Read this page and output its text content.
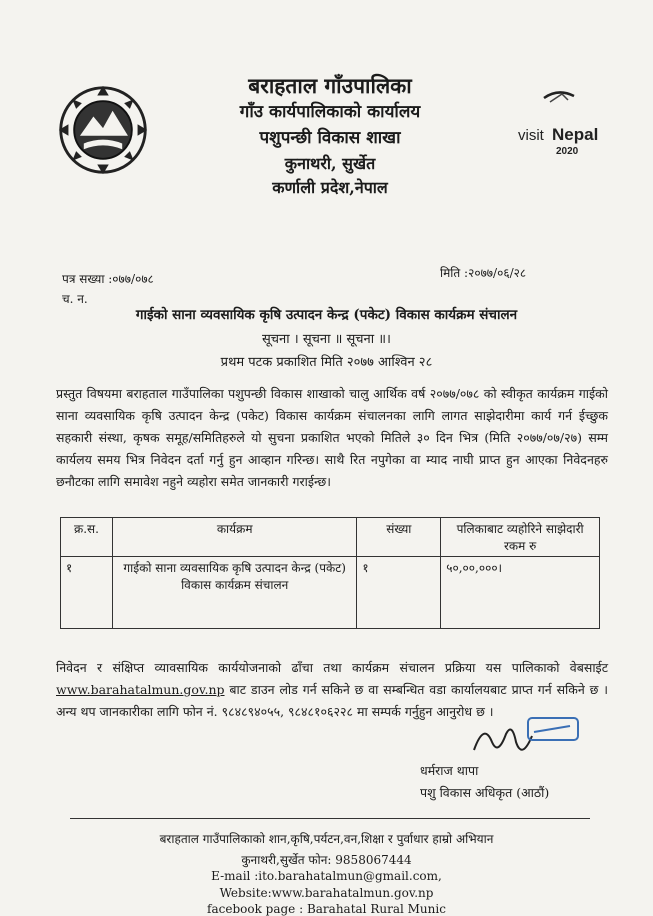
बराहताल गाँउपालिका
गाँउ कार्यपालिकाको कार्यालय
पशुपन्छी विकास शाखा
कुनाथरी, सुर्खेत
कर्णाली प्रदेश,नेपाल
visit Nepal
2020
पत्र सख्या :०७७/०७८
च. न.
मिति :२०७७/०६/२८
गाईको साना व्यवसायिक कृषि उत्पादन केन्द्र (पकेट) विकास कार्यक्रम संचालन
सूचना । सूचना ॥ सूचना ॥।
प्रथम पटक प्रकाशित मिति २०७७ आश्विन २८
प्रस्तुत विषयमा बराहताल गाउँपालिका पशुपन्छी विकास शाखाको चालु आर्थिक वर्ष २०७७/०७८ को स्वीकृत कार्यक्रम गाईको साना व्यवसायिक कृषि उत्पादन केन्द्र (पकेट) विकास कार्यक्रम संचालनका लागि लागत साझेदारीमा कार्य गर्न ईच्छुक सहकारी संस्था, कृषक समूह/समितिहरुले यो सुचना प्रकाशित भएको मितिले ३० दिन भित्र (मिति २०७७/०७/२७) सम्म कार्यलय समय भित्र निवेदन दर्ता गर्नु हुन आव्हान गरिन्छ। साथै रित नपुगेका वा म्याद नाघी प्राप्त हुन आएका निवेदनहरु छनौटका लागि समावेश नहुने व्यहोरा समेत जानकारी गराईन्छ।
क्र.स.	कार्यक्रम	संख्या	पलिकाबाट व्यहोरिने साझेदारी रकम रु
१	गाईको साना व्यवसायिक कृषि उत्पादन केन्द्र (पकेट) विकास कार्यक्रम संचालन	१	५०,००,०००।
निवेदन र संक्षिप्त व्यावसायिक कार्ययोजनाको ढाँचा तथा कार्यक्रम संचालन प्रक्रिया यस पालिकाको वेबसाईट www.barahatalmun.gov.np बाट डाउन लोड गर्न सकिने छ वा सम्बन्धित वडा कार्यालयबाट प्राप्त गर्न सकिने छ । अन्य थप जानकारीका लागि फोन नं. ९८४८९४०५५, ९८४८१०६२२८ मा सम्पर्क गर्नुहुन आनुरोध छ ।
धर्मराज थापा
पशु विकास अधिकृत (आठौं)
बराहताल गाउँपालिकाको शान,कृषि,पर्यटन,वन,शिक्षा र पुर्वाधार हाम्रो अभियान
कुनाथरी,सुर्खेत फोन: 9858067444
E-mail :ito.barahatalmun@gmail.com,
Website:www.barahatalmun.gov.np
facebook page : Barahatal Rural Munic
